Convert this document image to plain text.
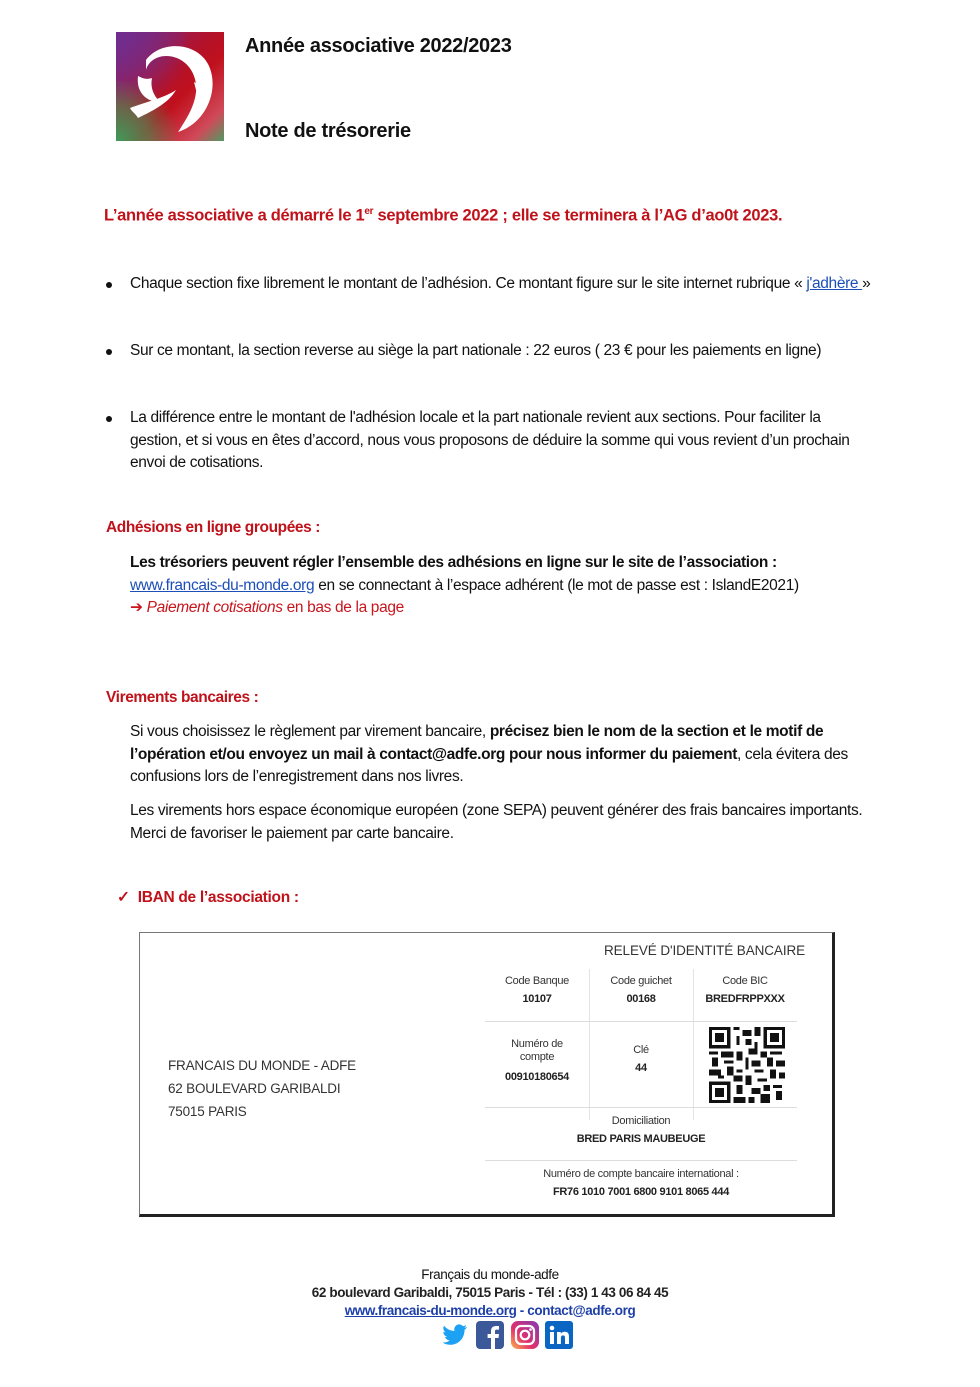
Année associative 2022/2023
Note de trésorerie
L’année associative a démarré le 1er septembre 2022 ; elle se terminera à l’AG d’ao0t 2023.
Chaque section fixe librement le montant de l’adhésion. Ce montant figure sur le site internet rubrique « j'adhère »
Sur ce montant, la section reverse au siège la part nationale : 22 euros ( 23 € pour les paiements en ligne)
La différence entre le montant de l'adhésion locale et la part nationale revient aux sections. Pour faciliter la gestion, et si vous en êtes d’accord, nous vous proposons de déduire la somme qui vous revient d’un prochain envoi de cotisations.
Adhésions en ligne groupées :
Les trésoriers peuvent régler l’ensemble des adhésions en ligne sur le site de l’association :
www.francais-du-monde.org en se connectant à l’espace adhérent (le mot de passe est : IslandE2021)
➔ Paiement cotisations en bas de la page
Virements bancaires :
Si vous choisissez le règlement par virement bancaire, précisez bien le nom de la section et le motif de l’opération et/ou envoyez un mail à contact@adfe.org pour nous informer du paiement, cela évitera des confusions lors de l’enregistrement dans nos livres.
Les virements hors espace économique européen (zone SEPA) peuvent générer des frais bancaires importants. Merci de favoriser le paiement par carte bancaire.
✓ IBAN de l’association :
FRANCAIS DU MONDE - ADFE
62 BOULEVARD GARIBALDI
75015 PARIS
RELEVÉ D'IDENTITÉ BANCAIRE
Code Banque
10107
Code guichet
00168
Code BIC
BREDFRPPXXX
Numéro de compte
00910180654
Clé
44
Domiciliation
BRED PARIS MAUBEUGE
Numéro de compte bancaire international :
FR76 1010 7001 6800 9101 8065 444
Français du monde-adfe
62 boulevard Garibaldi, 75015 Paris - Tél : (33) 1 43 06 84 45
www.francais-du-monde.org - contact@adfe.org
